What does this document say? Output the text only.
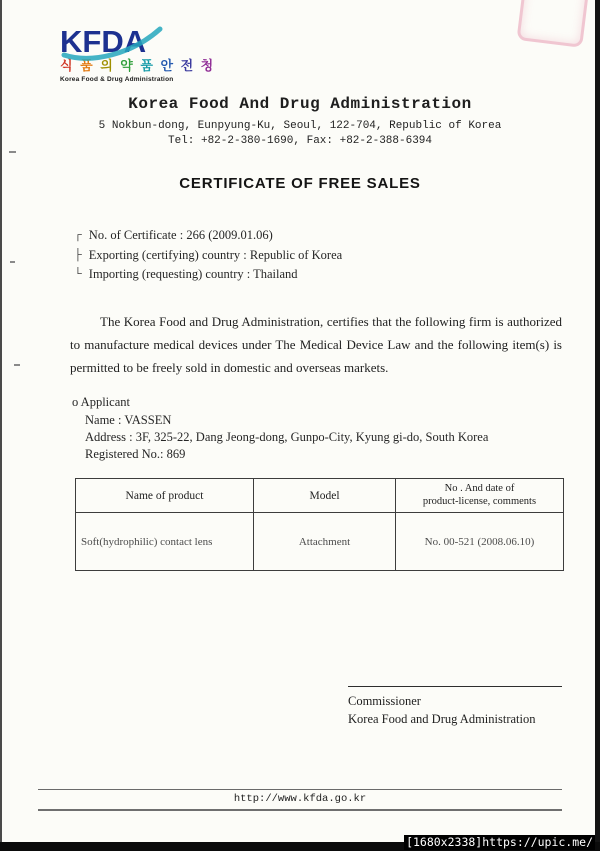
KFDA
식 품 의 약 품 안 전 청
Korea Food & Drug Administration
Korea Food And Drug Administration
5 Nokbun-dong, Eunpyung-Ku, Seoul, 122-704, Republic of Korea
Tel: +82-2-380-1690, Fax: +82-2-388-6394
CERTIFICATE OF FREE SALES
┌ No. of Certificate : 266 (2009.01.06)
├ Exporting (certifying) country : Republic of Korea
└ Importing (requesting) country : Thailand

The Korea Food and Drug Administration, certifies that the following firm is authorized to manufacture medical devices under The Medical Device Law and the following item(s) is permitted to be freely sold in domestic and overseas markets.

o Applicant
Name : VASSEN
Address : 3F, 325-22, Dang Jeong-dong, Gunpo-City, Kyung gi-do, South Korea
Registered No.: 869
Name of product	Model	No . And date of
product-license, comments

Soft(hydrophilic) contact lens	Attachment	No. 00-521 (2008.06.10)
Commissioner
Korea Food and Drug Administration
http://www.kfda.go.kr
[1680x2338]https://upic.me/
